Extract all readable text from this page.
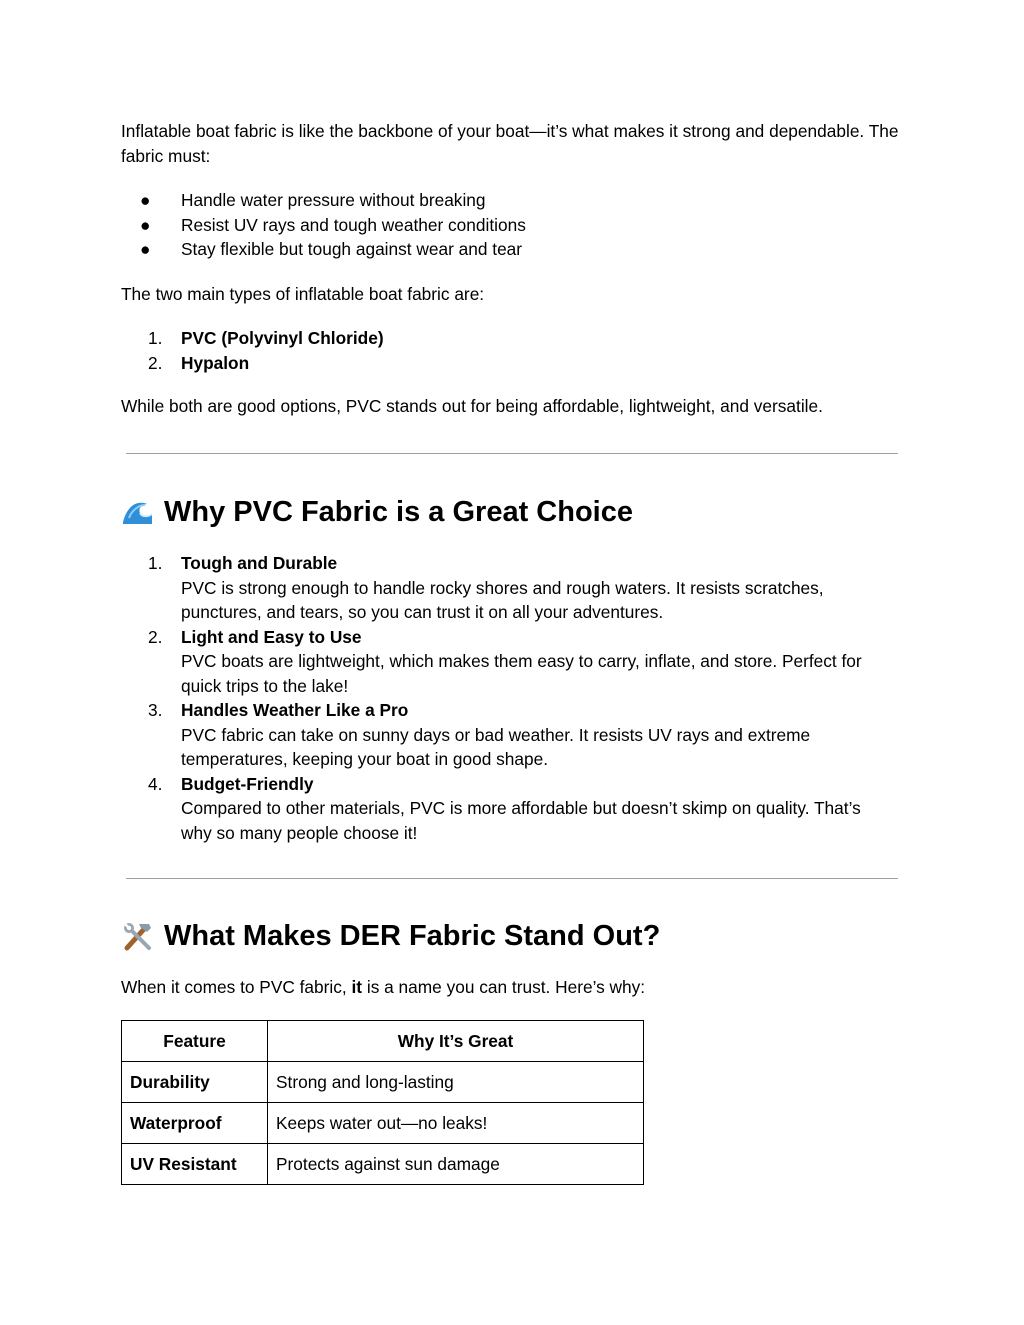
Inflatable boat fabric is like the backbone of your boat—it’s what makes it strong and dependable. The fabric must:

●	Handle water pressure without breaking
●	Resist UV rays and tough weather conditions
●	Stay flexible but tough against wear and tear

The two main types of inflatable boat fabric are:

1.	PVC (Polyvinyl Chloride)
2.	Hypalon

While both are good options, PVC stands out for being affordable, lightweight, and versatile.

Why PVC Fabric is a Great Choice
1.	Tough and Durable
PVC is strong enough to handle rocky shores and rough waters. It resists scratches, punctures, and tears, so you can trust it on all your adventures.
2.	Light and Easy to Use
PVC boats are lightweight, which makes them easy to carry, inflate, and store. Perfect for quick trips to the lake!
3.	Handles Weather Like a Pro
PVC fabric can take on sunny days or bad weather. It resists UV rays and extreme temperatures, keeping your boat in good shape.
4.	Budget-Friendly
Compared to other materials, PVC is more affordable but doesn’t skimp on quality. That’s why so many people choose it!
What Makes DER Fabric Stand Out?

When it comes to PVC fabric, it is a name you can trust. Here’s why:

Feature	Why It’s Great
Durability	Strong and long-lasting
Waterproof	Keeps water out—no leaks!
UV Resistant	Protects against sun damage
